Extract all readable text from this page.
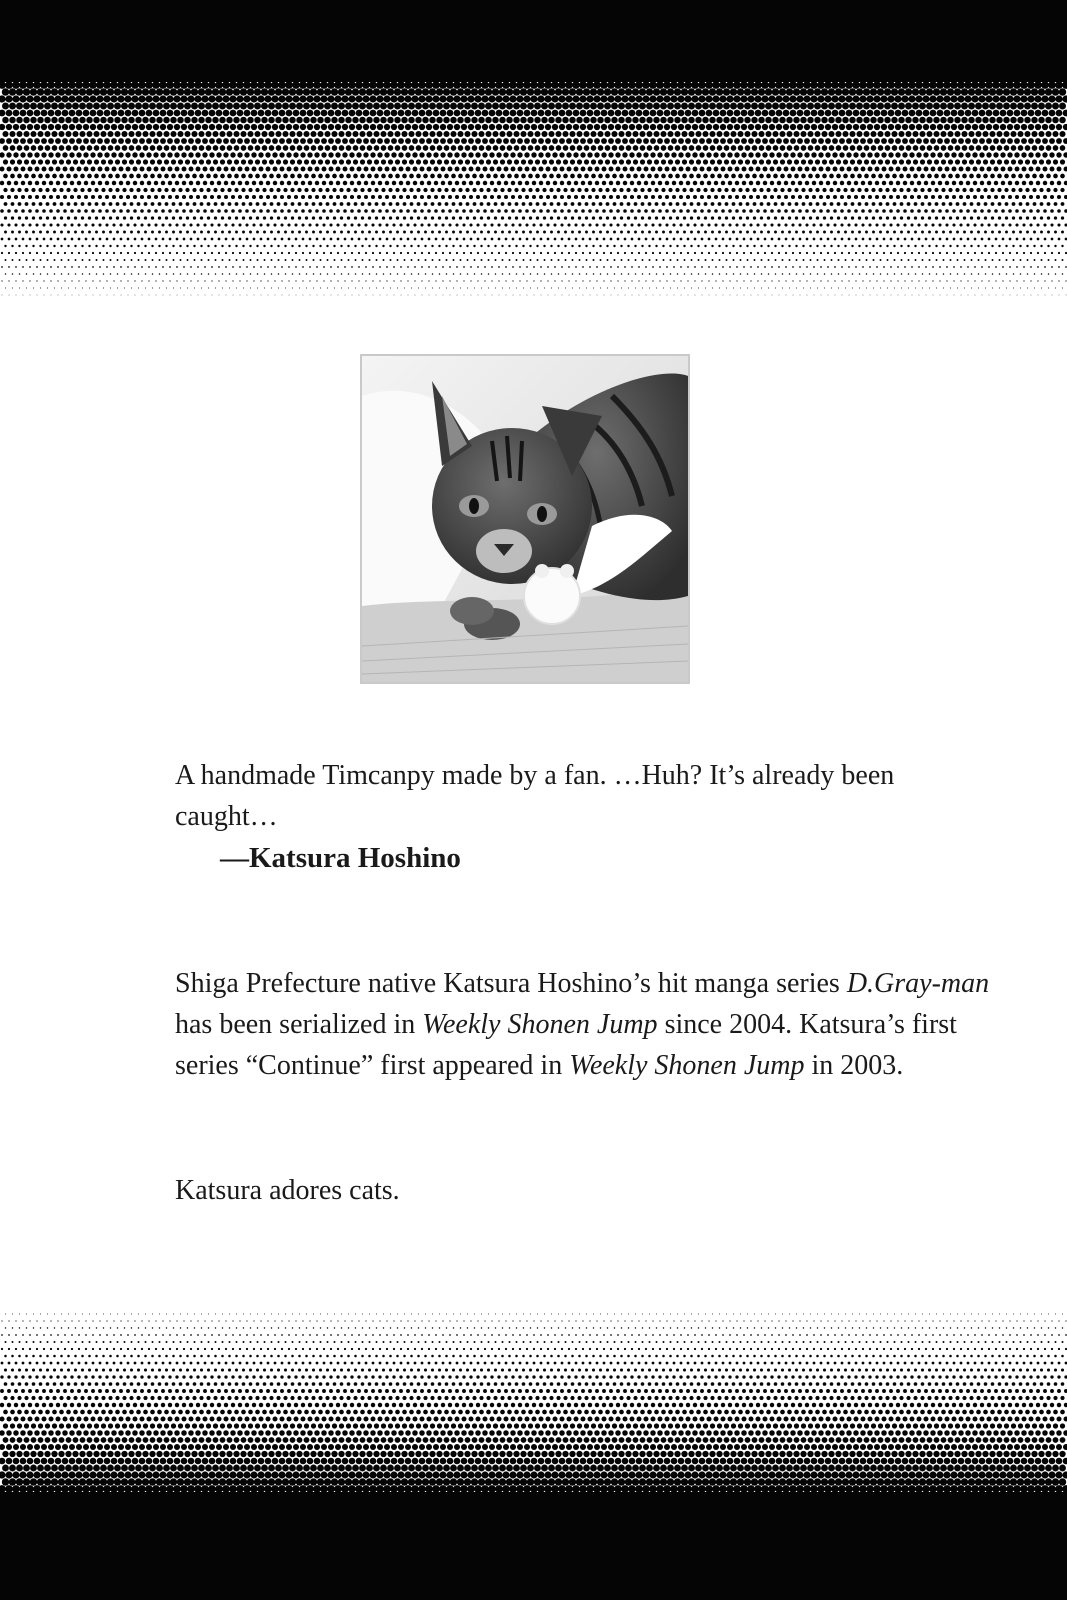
A handmade Timcanpy made by a fan. …Huh? It’s already been caught…

—Katsura Hoshino

Shiga Prefecture native Katsura Hoshino’s hit manga series D.Gray-man has been serialized in Weekly Shonen Jump since 2004. Katsura’s first series “Continue” first appeared in Weekly Shonen Jump in 2003.

Katsura adores cats.
